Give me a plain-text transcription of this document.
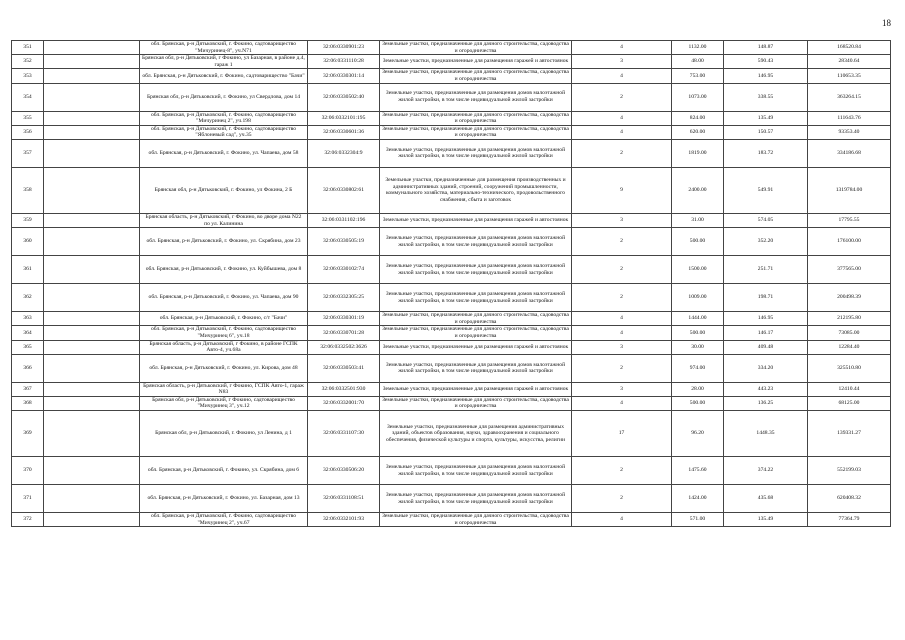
18
351		обл. Брянская, р-н Дятьковский, г. Фокино, садтоварищество "Мичуринец-8", уч.N71	32:06:0330901:23	Земельные участки, предназначенные для дачного строительства, садоводства и огородничества	4	1132.00	148.87	168520.84
352		Брянская обл, р-н Дятьковский, г Фокино, ул Базарная, в районе д.4, гараж 1	32:06:0331110:28	Земельные участки, предназначенные для размещения гаражей и автостоянок	3	48.00	590.43	28340.64
353		обл. Брянская, р-н Дятьковский, г. Фокино, садтоварищество "Бачи"	32:06:0330301:14	Земельные участки, предназначенные для дачного строительства, садоводства и огородничества	4	753.00	146.95	110653.35
354		Брянская обл, р-н Дятьковский, г. Фокино, ул Свердлова, дом 14	32:06:0330502:40	Земельные участки, предназначенные для размещения домов малоэтажной жилой застройки, в том числе индивидуальной жилой застройки	2	1073.00	338.55	363264.15
355		обл. Брянская, р-н Дятьковский, г. Фокино, садтоварищество "Мичуринец 2", уч.198	32:06:0332101:195	Земельные участки, предназначенные для дачного строительства, садоводства и огородничества	4	824.00	135.49	111643.76
356		обл. Брянская, р-н Дятьковский, г. Фокино, садтоварищество "Яблоневый сад", уч.35	32:06:0330601:36	Земельные участки, предназначенные для дачного строительства, садоводства и огородничества	4	620.00	150.57	93353.40
357		обл. Брянская, р-н Дятьковский, г. Фокино, ул. Чапаева, дом 58	32:06:0332304:9	Земельные участки, предназначенные для размещения домов малоэтажной жилой застройки, в том числе индивидуальной жилой застройки	2	1819.00	183.72	334186.68
358		Брянская обл, р-н Дятьковский, г. Фокино, ул Фокина, 2 Б	32:06:0330802:61	Земельные участки, предназначенные для размещения производственных и административных зданий, строений, сооружений промышленности, коммунального хозяйства, материально-технического, продовольственного снабжения, сбыта и заготовок	9	2400.00	549.91	1319784.00
359		Брянская область, р-н Дятьковский, г Фокино, во дворе дома N22 по ул. Калинина	32:06:0331102:196	Земельные участки, предназначенные для размещения гаражей и автостоянок	3	31.00	574.05	17795.55
360		обл. Брянская, р-н Дятьковский, г. Фокино, ул. Скрябина, дом 23	32:06:0330505:19	Земельные участки, предназначенные для размещения домов малоэтажной жилой застройки, в том числе индивидуальной жилой застройки	2	500.00	352.20	176100.00
361		обл. Брянская, р-н Дятьковский, г. Фокино, ул. Куйбышева, дом 8	32:06:0330102:74	Земельные участки, предназначенные для размещения домов малоэтажной жилой застройки, в том числе индивидуальной жилой застройки	2	1500.00	251.71	377565.00
362		обл. Брянская, р-н Дятьковский, г. Фокино, ул. Чапаева, дом 90	32:06:0332305:25	Земельные участки, предназначенные для размещения домов малоэтажной жилой застройки, в том числе индивидуальной жилой застройки	2	1009.00	198.71	200498.39
363		обл. Брянская, р-н Дятьковский, г. Фокино, с/т "Бачи"	32:06:0330301:19	Земельные участки, предназначенные для дачного строительства, садоводства и огородничества	4	1444.00	146.95	212195.80
364		обл. Брянская, р-н Дятьковский, г. Фокино, садтоварищество "Мичуринец 6", уч.18	32:06:0330701:28	Земельные участки, предназначенные для дачного строительства, садоводства и огородничества	4	500.00	146.17	73085.00
365		Брянская область, р-н Дятьковский, г Фокино, в районе ГСПК Авто-4, уч.68а	32:06:0332502:3626	Земельные участки, предназначенные для размещения гаражей и автостоянок	3	30.00	409.48	12284.40
366		обл. Брянская, р-н Дятьковский, г. Фокино, ул. Кирова, дом 48	32:06:0330503:41	Земельные участки, предназначенные для размещения домов малоэтажной жилой застройки, в том числе индивидуальной жилой застройки	2	974.00	334.20	325510.80
367		Брянская область, р-н Дятьковский, г Фокино, ГСПК Авто-1, гараж N83	32:06:0332501:930	Земельные участки, предназначенные для размещения гаражей и автостоянок	3	28.00	443.23	12410.44
368		Брянская обл, р-н Дятьковский, г Фокино, садтоварищество "Мичуринец 3", уч.12	32:06:0332001:70	Земельные участки, предназначенные для дачного строительства, садоводства и огородничества	4	500.00	136.25	68125.00
369		Брянская обл, р-н Дятьковский, г. Фокино, ул Ленина, д 1	32:06:0331107:30	Земельные участки, предназначенные для размещения административных зданий, объектов образования, науки, здравоохранения и социального обеспечения, физической культуры и спорта, культуры, искусства, религии	17	96.20	1448.35	139331.27
370		обл. Брянская, р-н Дятьковский, г. Фокино, ул. Скрябина, дом 6	32:06:0330506:20	Земельные участки, предназначенные для размещения домов малоэтажной жилой застройки, в том числе индивидуальной жилой застройки	2	1475.60	374.22	552199.03
371		обл. Брянская, р-н Дятьковский, г. Фокино, ул. Базарная, дом 13	32:06:0331108:51	Земельные участки, предназначенные для размещения домов малоэтажной жилой застройки, в том числе индивидуальной жилой застройки	2	1424.00	435.68	620408.32
372		обл. Брянская, р-н Дятьковский, г. Фокино, садтоварищество "Мичуринец 2", уч.67	32:06:0332101:93	Земельные участки, предназначенные для дачного строительства, садоводства и огородничества	4	571.00	135.49	77364.79
